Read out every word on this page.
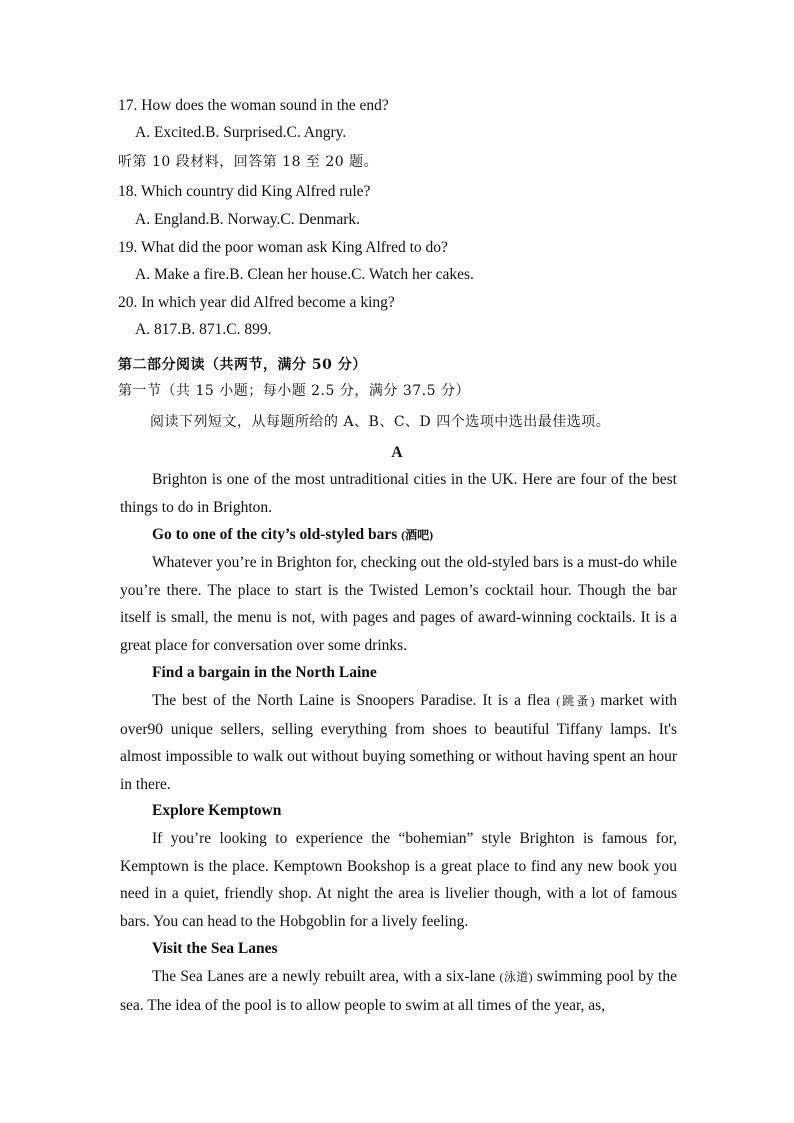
17. How does the woman sound in the end?
A. Excited.B. Surprised.C. Angry.
听第 10 段材料，回答第 18 至 20 题。
18. Which country did King Alfred rule?
A. England.B. Norway.C. Denmark.
19. What did the poor woman ask King Alfred to do?
A. Make a fire.B. Clean her house.C. Watch her cakes.
20. In which year did Alfred become a king?
A. 817.B. 871.C. 899.
第二部分阅读（共两节，满分 50 分）
第一节（共 15 小题；每小题 2.5 分，满分 37.5 分）
阅读下列短文，从每题所给的 A、B、C、D 四个选项中选出最佳选项。
A

Brighton is one of the most untraditional cities in the UK. Here are four of the best things to do in Brighton.

Go to one of the city’s old-styled bars (酒吧)

Whatever you’re in Brighton for, checking out the old-styled bars is a must-do while you’re there. The place to start is the Twisted Lemon’s cocktail hour. Though the bar itself is small, the menu is not, with pages and pages of award-winning cocktails. It is a great place for conversation over some drinks.

Find a bargain in the North Laine

The best of the North Laine is Snoopers Paradise. It is a flea (跳蚤) market with over90 unique sellers, selling everything from shoes to beautiful Tiffany lamps. It's almost impossible to walk out without buying something or without having spent an hour in there.

Explore Kemptown

If you’re looking to experience the “bohemian” style Brighton is famous for, Kemptown is the place. Kemptown Bookshop is a great place to find any new book you need in a quiet, friendly shop. At night the area is livelier though, with a lot of famous bars. You can head to the Hobgoblin for a lively feeling.

Visit the Sea Lanes

The Sea Lanes are a newly rebuilt area, with a six-lane (泳道) swimming pool by the sea. The idea of the pool is to allow people to swim at all times of the year, as,
